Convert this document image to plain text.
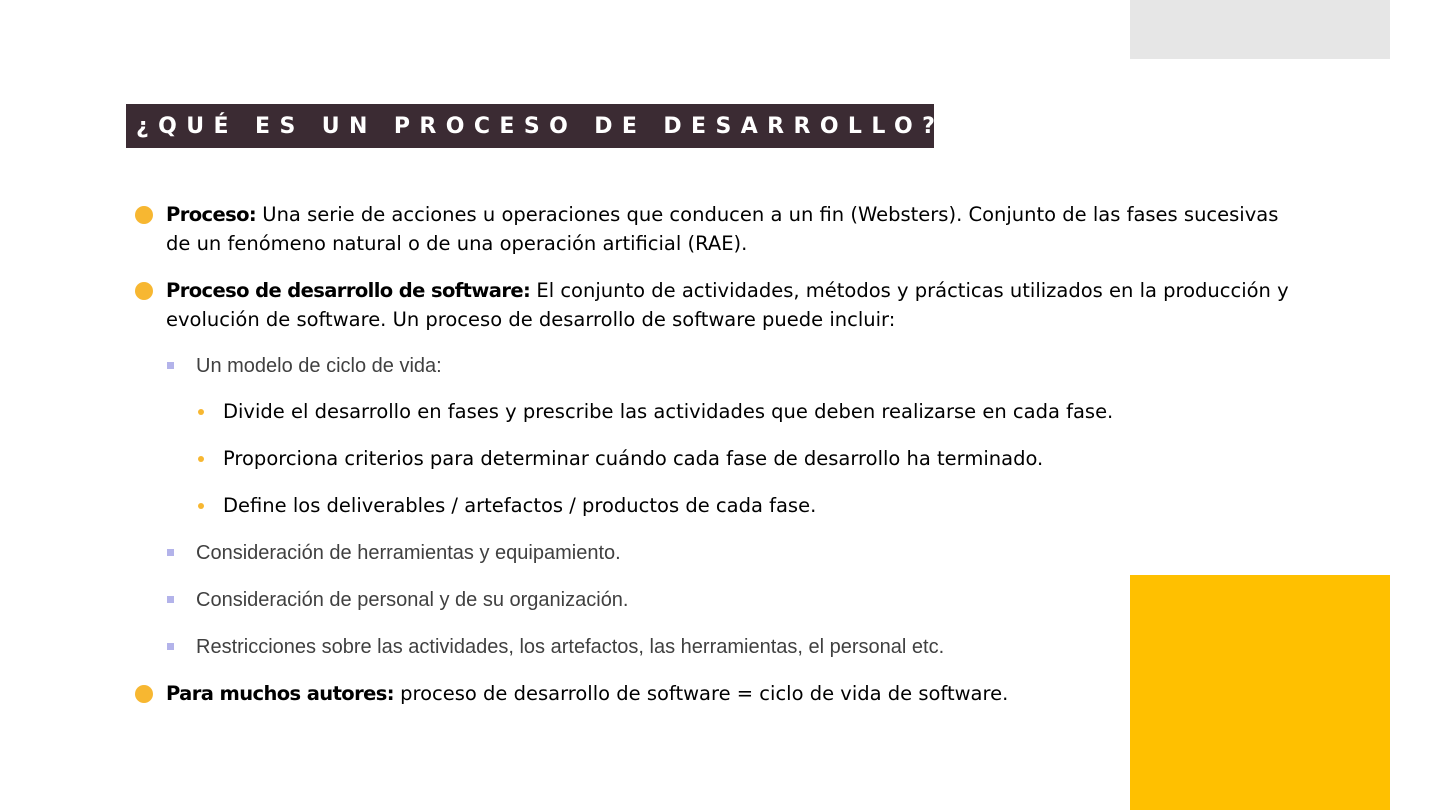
¿QUÉ ES UN PROCESO DE DESARROLLO?
Proceso: Una serie de acciones u operaciones que conducen a un fin (Websters). Conjunto de las fases sucesivas
de un fenómeno natural o de una operación artificial (RAE).
Proceso de desarrollo de software: El conjunto de actividades, métodos y prácticas utilizados en la producción y
evolución de software. Un proceso de desarrollo de software puede incluir:
Un modelo de ciclo de vida:
Divide el desarrollo en fases y prescribe las actividades que deben realizarse en cada fase.
Proporciona criterios para determinar cuándo cada fase de desarrollo ha terminado.
Define los deliverables / artefactos / productos de cada fase.
Consideración de herramientas y equipamiento.
Consideración de personal y de su organización.
Restricciones sobre las actividades, los artefactos, las herramientas, el personal etc.
Para muchos autores: proceso de desarrollo de software = ciclo de vida de software.
